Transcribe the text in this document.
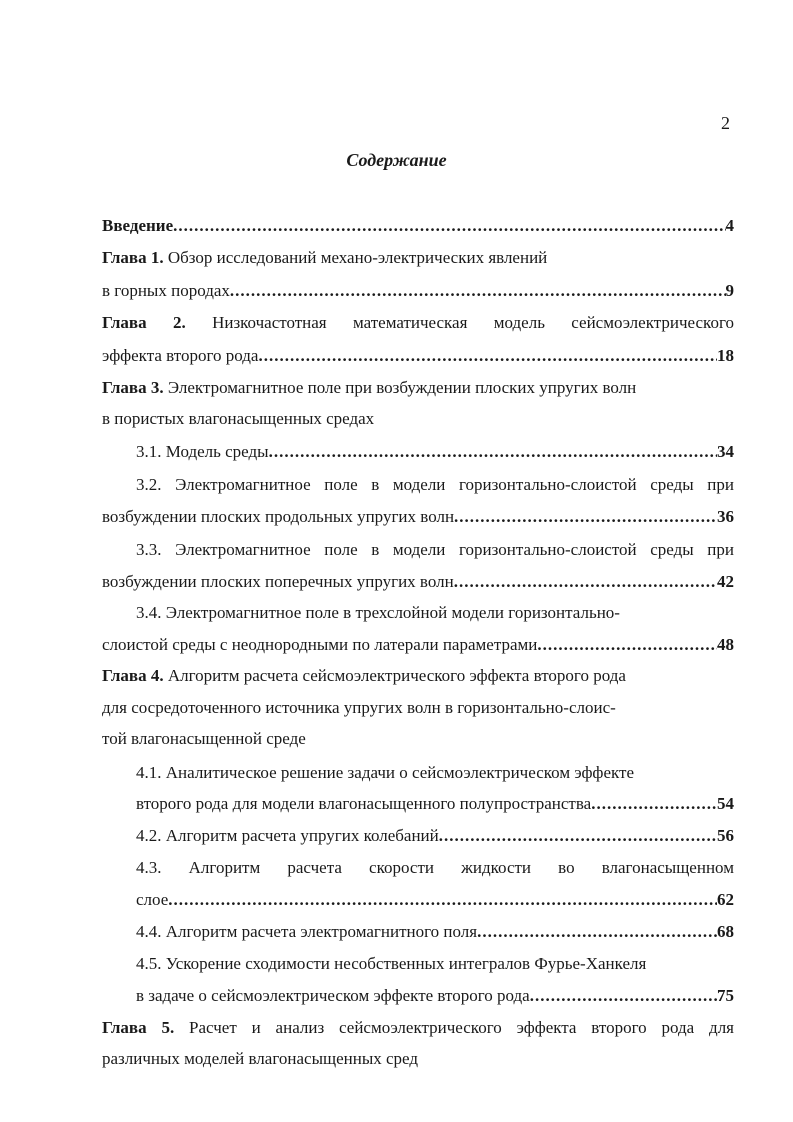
2
Содержание
Введение .....	4
Глава 1. Обзор исследований механо-электрических явлений
в горных породах .....	9
Глава 2. Низкочастотная математическая модель сейсмоэлектрического
эффекта второго рода .....	18
Глава 3. Электромагнитное поле при возбуждении плоских упругих волн
в пористых влагонасыщенных средах
3.1. Модель среды .....	34
3.2. Электромагнитное поле в модели горизонтально-слоистой среды при
возбуждении плоских продольных упругих волн .....	36
3.3. Электромагнитное поле в модели горизонтально-слоистой среды при
возбуждении плоских поперечных упругих волн .....	42
3.4. Электромагнитное поле в трехслойной модели горизонтально-
слоистой среды с неоднородными по латерали параметрами .....	48
Глава 4. Алгоритм расчета сейсмоэлектрического эффекта второго рода
для сосредоточенного источника упругих волн в горизонтально-слоис-
той влагонасыщенной среде
4.1. Аналитическое решение задачи о сейсмоэлектрическом эффекте
второго рода для модели влагонасыщенного полупространства .....	54
4.2. Алгоритм расчета упругих колебаний .....	56
4.3. Алгоритм расчета скорости жидкости во влагонасыщенном
слое .....	62
4.4. Алгоритм расчета электромагнитного поля .....	68
4.5. Ускорение сходимости несобственных интегралов Фурье-Ханкеля
в задаче о сейсмоэлектрическом эффекте второго рода .....	75
Глава 5. Расчет и анализ сейсмоэлектрического эффекта второго рода для
различных моделей влагонасыщенных сред
